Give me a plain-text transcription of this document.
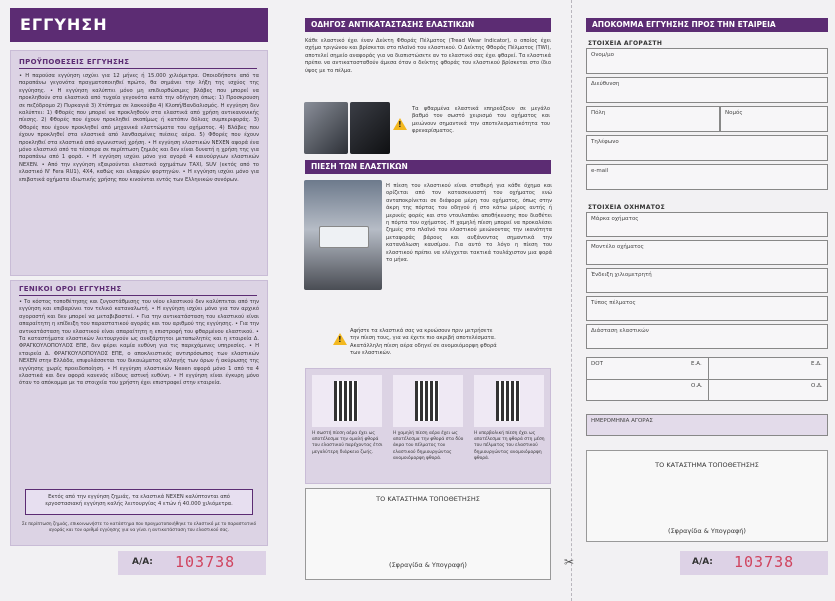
✂
ΕΓΓΥΗΣΗ
ΠΡΟΫΠΟΘΕΣΕΙΣ ΕΓΓΥΗΣΗΣ
• Η παρούσα εγγύηση ισχύει για 12 μήνες ή 15.000 χιλιόμετρα. Οποιοδήποτε από τα παραπάνω γεγονότα πραγματοποιηθεί πρώτο, θα σημάνει την λήξη της ισχύος της εγγύησης. • Η εγγύηση καλύπτει μόνο μη επιδιορθώσιμες βλάβες που μπορεί να προκληθούν στα ελαστικά από τυχαία γεγονότα κατά την οδήγηση όπως: 1) Προσκρουση σε πεζόδρομο 2) Πυρκαγιά 3) Χτύπημα σε λακκούβα 4) Κλοπή/Βανδαλισμός. Η εγγύηση δεν καλύπτει: 1) Φθορές που μπορεί να προκληθούν στα ελαστικά από χρήση αντικανονικής πίεσης. 2) Φθορές που έχουν προκληθεί σκοπίμως ή κατόπιν δόλιας συμπεριφοράς. 3) Φθορές που έχουν προκληθεί από μηχανικά ελαττώματα του οχήματος. 4) Βλάβες που έχουν προκληθεί στα ελαστικά από λανθασμένες πιέσεις αέρα. 5) Φθορές που έχουν προκληθεί στα ελαστικά από αγωνιστική χρήση. • Η εγγύηση ελαστικών NEXEN αφορά ένα μόνο ελαστικό από τα τέσσερα σε περίπτωση ζημιάς και δεν είναι δυνατή η χρήση της για παραπάνω από 1 φορά. • Η εγγύηση ισχύει μόνο για αγορά 4 καινούργιων ελαστικών NEXEN. • Από την εγγύηση εξαιρούνται ελαστικά οχημάτων ΤΑΧΙ, SUV (εκτός από το ελαστικό N' Fera RU1), 4Χ4, καθώς και ελαφρών φορτηγών. • Η εγγύηση ισχύει μόνο για επιβατικά οχήματα ιδιωτικής χρήσης που κινούνται εντός των Ελληνικών συνόρων.
ΓΕΝΙΚΟΙ ΟΡΟΙ ΕΓΓΥΗΣΗΣ
• Το κόστος τοποθέτησης και ζυγοστάθμισης του νέου ελαστικού δεν καλύπτεται από την εγγύηση και επιβαρύνει τον τελικό καταναλωτή. • Η εγγύηση ισχύει μόνο για τον αρχικό αγοραστή και δεν μπορεί να μεταβιβαστεί. • Για την αντικατάσταση του ελαστικού είναι απαραίτητη η επίδειξη του παραστατικού αγοράς και του αριθμού της εγγύησης. • Για την αντικατάσταση του ελαστικού είναι απαραίτητη η επιστροφή του φθαρμένου ελαστικού. • Τα καταστήματα ελαστικών λειτουργούν ως ανεξάρτητοι μεταπωλητές και η εταιρεία Δ. ΦΡΑΓΚΟΥΛΟΠΟΥΛΟΣ ΕΠΕ, δεν φέρει καμία ευθύνη για τις παρεχόμενες υπηρεσίες. • Η εταιρεία Δ. ΦΡΑΓΚΟΥΛΟΠΟΥΛΟΣ ΕΠΕ, ο αποκλειστικός αντιπρόσωπος των ελαστικών NEXEN στην Ελλάδα, επιφυλάσσεται του δικαιώματος αλλαγής των όρων ή ακύρωσης της εγγύησης χωρίς προειδοποίηση. • Η εγγύηση ελαστικών Nexen αφορά μόνο 1 από τα 4 ελαστικά και δεν αφορά κανενός είδους αστική ευθύνη. • Η εγγύηση είναι έγκυρη μόνο όταν το απόκομμα με τα στοιχεία του χρήστη έχει επιστραφεί στην εταιρεία.
Εκτός από την εγγύηση ζημιάς, τα ελαστικά NEXEN καλύπτονται από εργοστασιακή εγγύηση καλής λειτουργίας 4 ετών ή 40.000 χιλιόμετρα.
Σε περίπτωση ζημιάς, επικοινωνήστε το κατάστημα που πραγματοποιήθηκε το ελαστικό με το παραστατικό αγοράς και τον αριθμό εγγύησης για να γίνει η αντικατάσταση του ελαστικού σας.
Α/Α: 103738
ΟΔΗΓΟΣ ΑΝΤΙΚΑΤΑΣΤΑΣΗΣ ΕΛΑΣΤΙΚΩΝ
Κάθε ελαστικό έχει έναν Δείκτη Φθοράς Πέλματος (Tread Wear Indicator), ο οποίος έχει σχήμα τριγώνου και βρίσκεται στο πλαϊνό του ελαστικού. Ο Δείκτης Φθοράς Πέλματος (TWI), αποτελεί σημείο αναφοράς για να διαπιστώσετε αν το ελαστικό σας έχει φθαρεί. Τα ελαστικά πρέπει να αντικατασταθούν άμεσα όταν ο δείκτης φθοράς του ελαστικού βρίσκεται στο ίδιο ύψος με το πέλμα.
!
Τα φθαρμένα ελαστικά επηρεάζουν σε μεγάλο βαθμό τον σωστό χειρισμό του οχήματος και μειώνουν σημαντικά την αποτελεσματικότητα του φρεναρίσματος.
ΠΙΕΣΗ ΤΩΝ ΕΛΑΣΤΙΚΩΝ
Η πίεση του ελαστικού είναι σταθερή για κάθε όχημα και ορίζεται από τον κατασκευαστή του οχήματος ενώ ανταποκρίνεται σε διάφορα μέρη του οχήματος, όπως στην άκρη της πόρτας του οδηγού ή στο κάτω μέρος αυτής ή μερικές φορές και στο ντουλαπάκι αποθήκευσης που διαθέτει η πόρτα του οχήματος. Η χαμηλή πίεση μπορεί να προκαλέσει ζημιές στο πλαϊνό του ελαστικού μειώνοντας την ικανότητα μεταφοράς βάρους και αυξάνοντας σημαντικά την κατανάλωση καυσίμου. Για αυτό το λόγο η πίεση του ελαστικού πρέπει να ελέγχεται τακτικά τουλάχιστον μια φορά το μήνα.
!
Αφήστε τα ελαστικά σας να κρυώσουν πριν μετρήσετε την πίεση τους, για να έχετε πιο ακριβή αποτελέσματα. Ακατάλληλη πίεση αέρα οδηγεί σε ανομοιόμορφη φθορά των ελαστικών.
Η σωστή πίεση αέρα έχει ως αποτέλεσμα την ομαλή φθορά του ελαστικού παρέχοντας έτσι μεγαλύτερη διάρκεια ζωής.
Η χαμηλή πίεση αέρα έχει ως αποτέλεσμα την φθορά στα δύο άκρα του πέλματος του ελαστικού δημιουργώντας ανομοιόμορφη φθορά.
Η υπερβολική πίεση έχει ως αποτέλεσμα τη φθορά στη μέση του πέλματος του ελαστικού δημιουργώντας ανομοιόμορφη φθορά.
ΤΟ ΚΑΤΑΣΤΗΜΑ ΤΟΠΟΘΕΤΗΣΗΣ
(Σφραγίδα & Υπογραφή)
ΑΠΟΚΟΜΜΑ ΕΓΓΥΗΣΗΣ ΠΡΟΣ ΤΗΝ ΕΤΑΙΡΕΙΑ
ΣΤΟΙΧΕΙΑ ΑΓΟΡΑΣΤΗ
Ονομ/μο
Διεύθυνση
Πόλη	Νομός
Τηλέφωνο
e-mail
ΣΤΟΙΧΕΙΑ ΟΧΗΜΑΤΟΣ
Μάρκα οχήματος
Μοντέλο οχήματος
Ένδειξη χιλιομετρητή
Τύπος πέλματος
Διάσταση ελαστικών
DOT	Ε.Α.
Ο.Α.
Ε.Δ.
Ο.Δ.
ΗΜΕΡΟΜΗΝΙΑ ΑΓΟΡΑΣ
ΤΟ ΚΑΤΑΣΤΗΜΑ ΤΟΠΟΘΕΤΗΣΗΣ
(Σφραγίδα & Υπογραφή)
Α/Α: 103738
